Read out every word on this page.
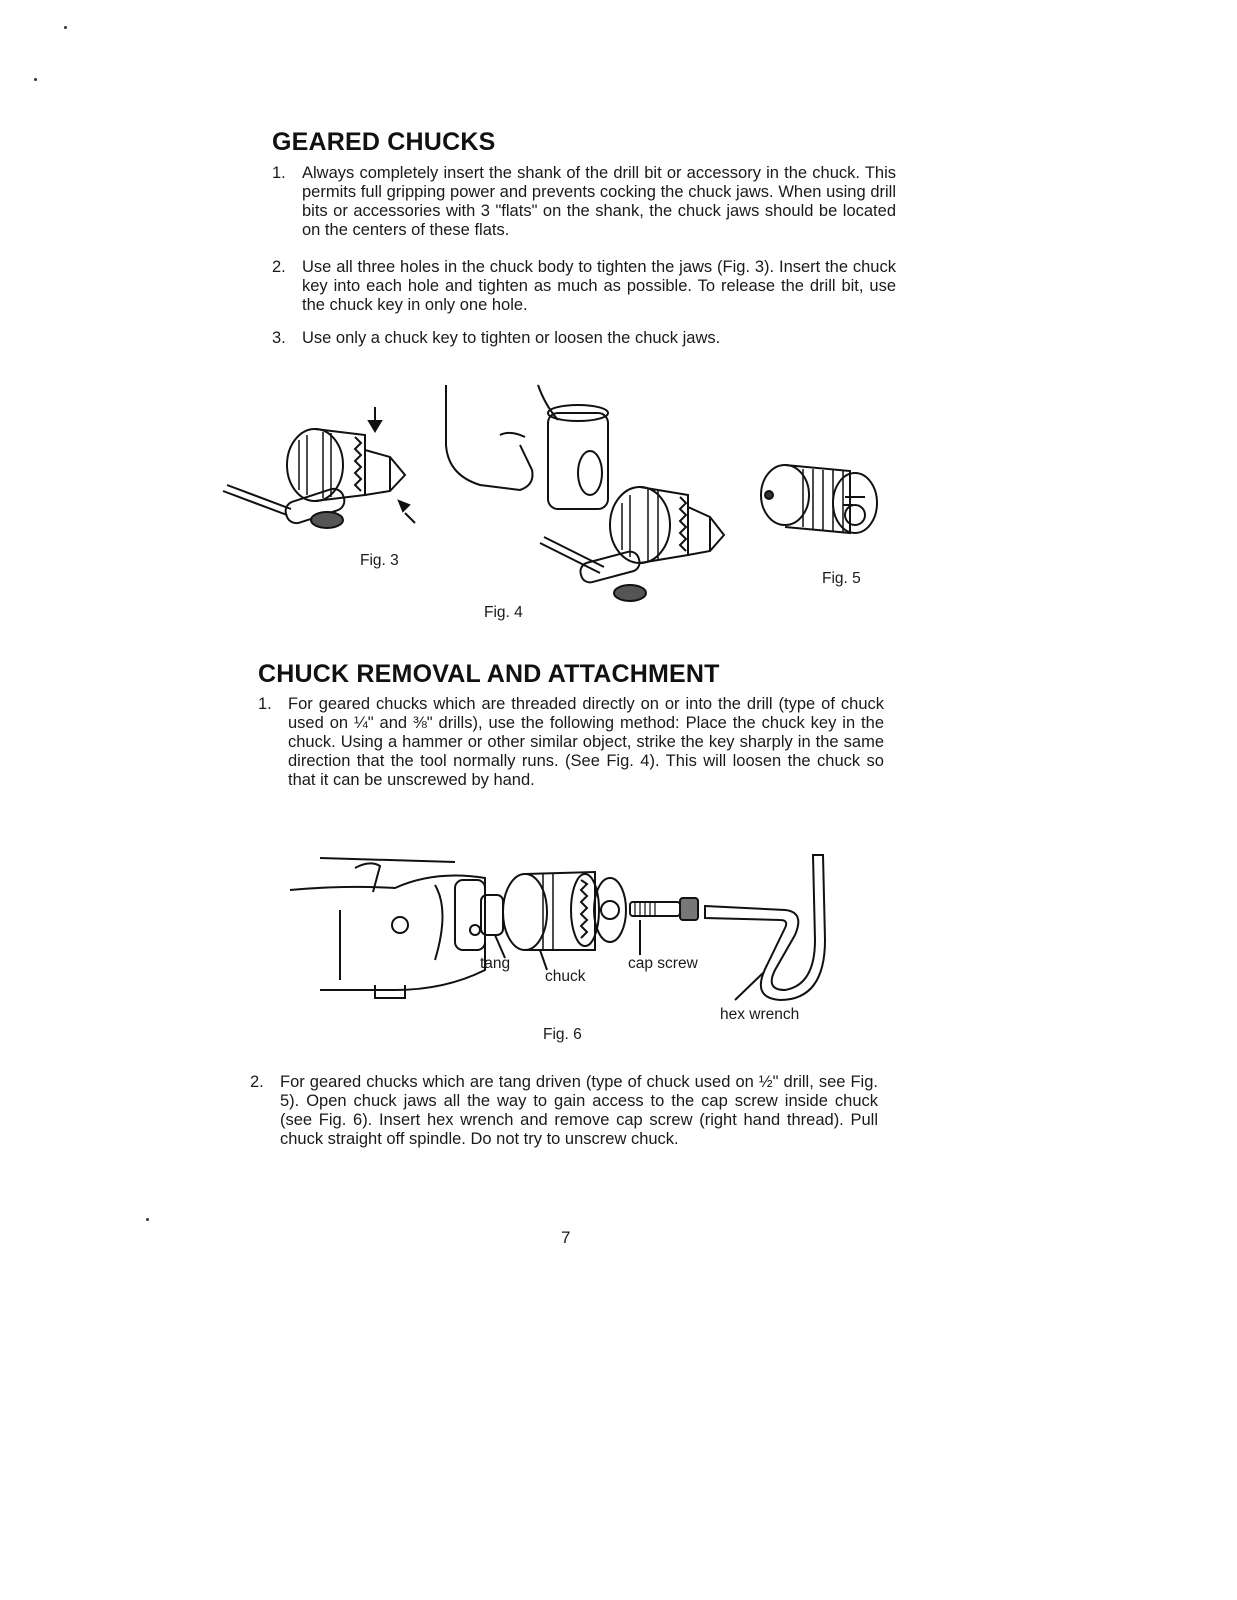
GEARED CHUCKS
1. Always completely insert the shank of the drill bit or accessory in the chuck. This permits full gripping power and prevents cocking the chuck jaws. When using drill bits or accessories with 3 "flats" on the shank, the chuck jaws should be located on the centers of these flats.
2. Use all three holes in the chuck body to tighten the jaws (Fig. 3). Insert the chuck key into each hole and tighten as much as possible. To release the drill bit, use the chuck key in only one hole.
3. Use only a chuck key to tighten or loosen the chuck jaws.
Fig. 3
Fig. 4
Fig. 5
CHUCK REMOVAL AND ATTACHMENT
1. For geared chucks which are threaded directly on or into the drill (type of chuck used on ¼" and ⅜" drills), use the following method: Place the chuck key in the chuck. Using a hammer or other similar object, strike the key sharply in the same direction that the tool normally runs. (See Fig. 4). This will loosen the chuck so that it can be unscrewed by hand.
tang
chuck
cap screw
hex wrench
Fig. 6
2. For geared chucks which are tang driven (type of chuck used on ½" drill, see Fig. 5). Open chuck jaws all the way to gain access to the cap screw inside chuck (see Fig. 6). Insert hex wrench and remove cap screw (right hand thread). Pull chuck straight off spindle. Do not try to unscrew chuck.
7
